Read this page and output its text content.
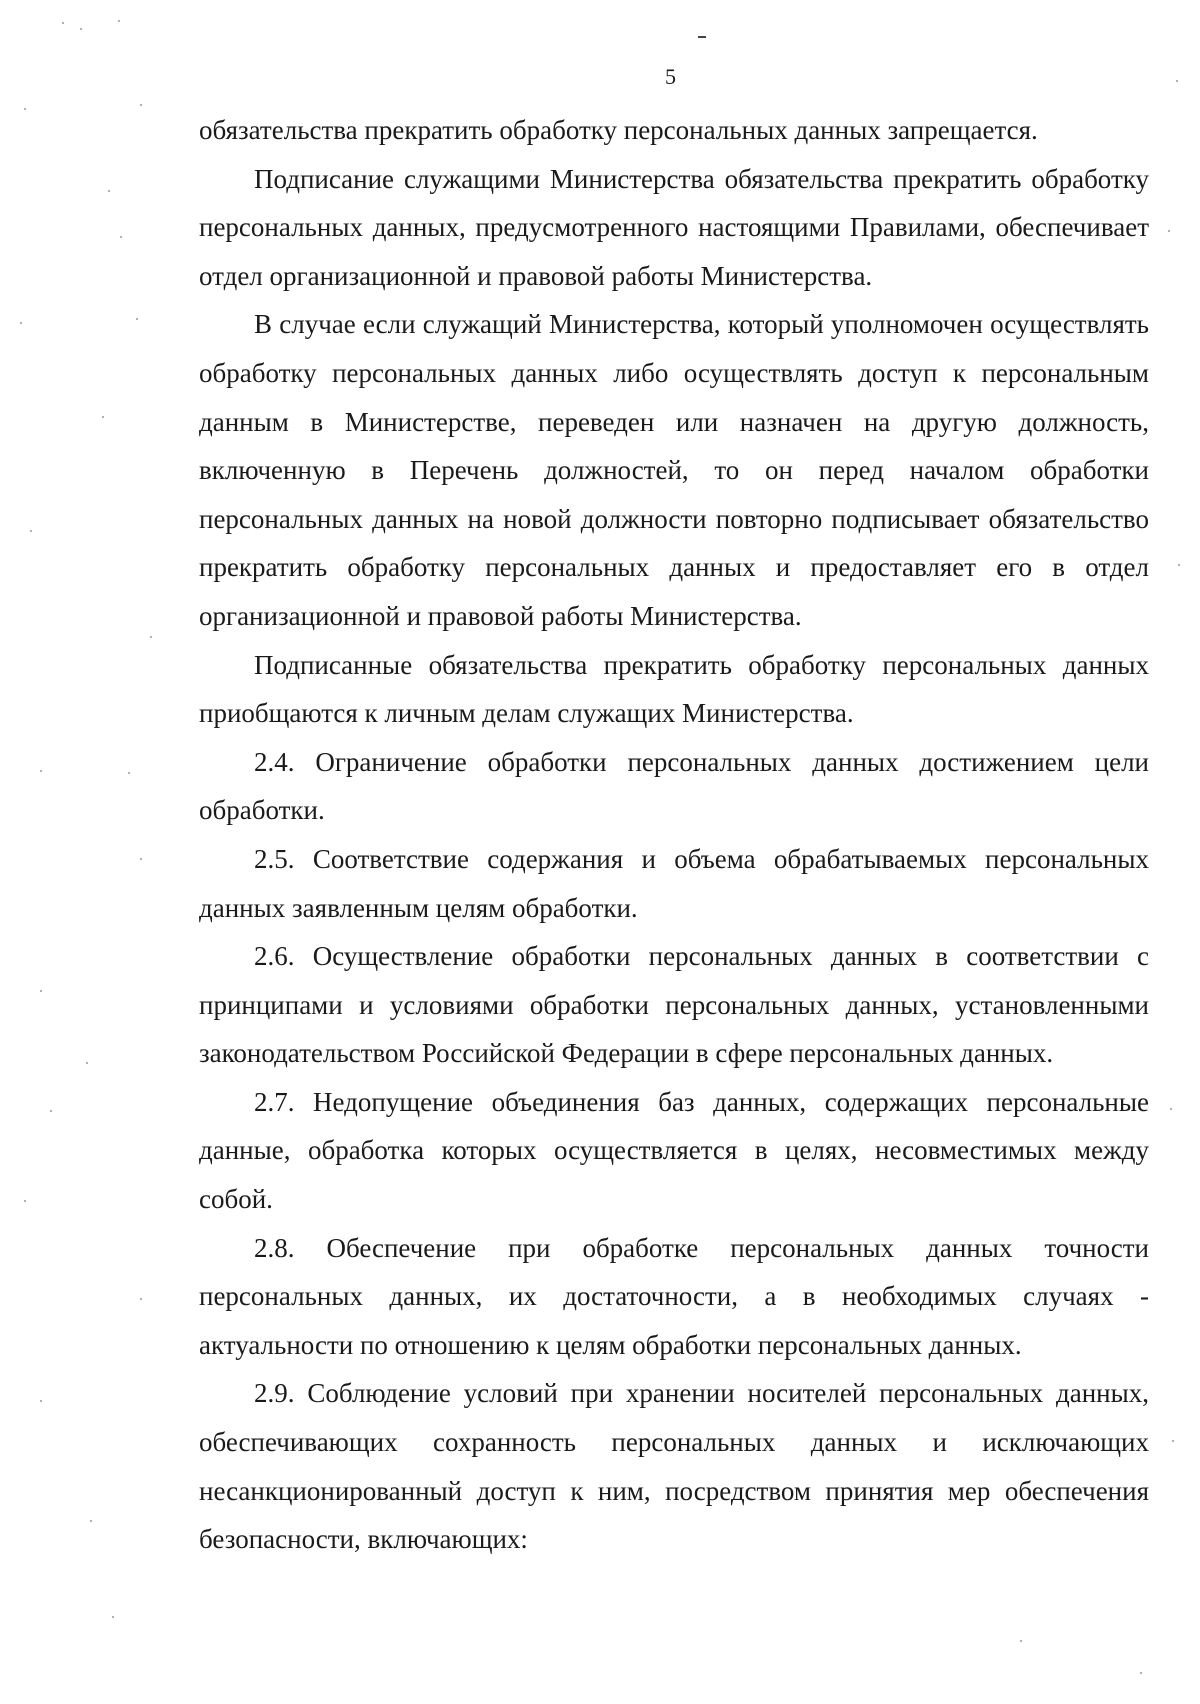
5

обязательства прекратить обработку персональных данных запрещается.

Подписание служащими Министерства обязательства прекратить обработку персональных данных, предусмотренного настоящими Правилами, обеспечивает отдел организационной и правовой работы Министерства.

В случае если служащий Министерства, который уполномочен осуществлять обработку персональных данных либо осуществлять доступ к персональным данным в Министерстве, переведен или назначен на другую должность, включенную в Перечень должностей, то он перед началом обработки персональных данных на новой должности повторно подписывает обязательство прекратить обработку персональных данных и предоставляет его в отдел организационной и правовой работы Министерства.

Подписанные обязательства прекратить обработку персональных данных приобщаются к личным делам служащих Министерства.

2.4. Ограничение обработки персональных данных достижением цели обработки.

2.5. Соответствие содержания и объема обрабатываемых персональных данных заявленным целям обработки.

2.6. Осуществление обработки персональных данных в соответствии с принципами и условиями обработки персональных данных, установленными законодательством Российской Федерации в сфере персональных данных.

2.7. Недопущение объединения баз данных, содержащих персональные данные, обработка которых осуществляется в целях, несовместимых между собой.

2.8. Обеспечение при обработке персональных данных точности персональных данных, их достаточности, а в необходимых случаях - актуальности по отношению к целям обработки персональных данных.

2.9. Соблюдение условий при хранении носителей персональных данных, обеспечивающих сохранность персональных данных и исключающих несанкционированный доступ к ним, посредством принятия мер обеспечения безопасности, включающих:
